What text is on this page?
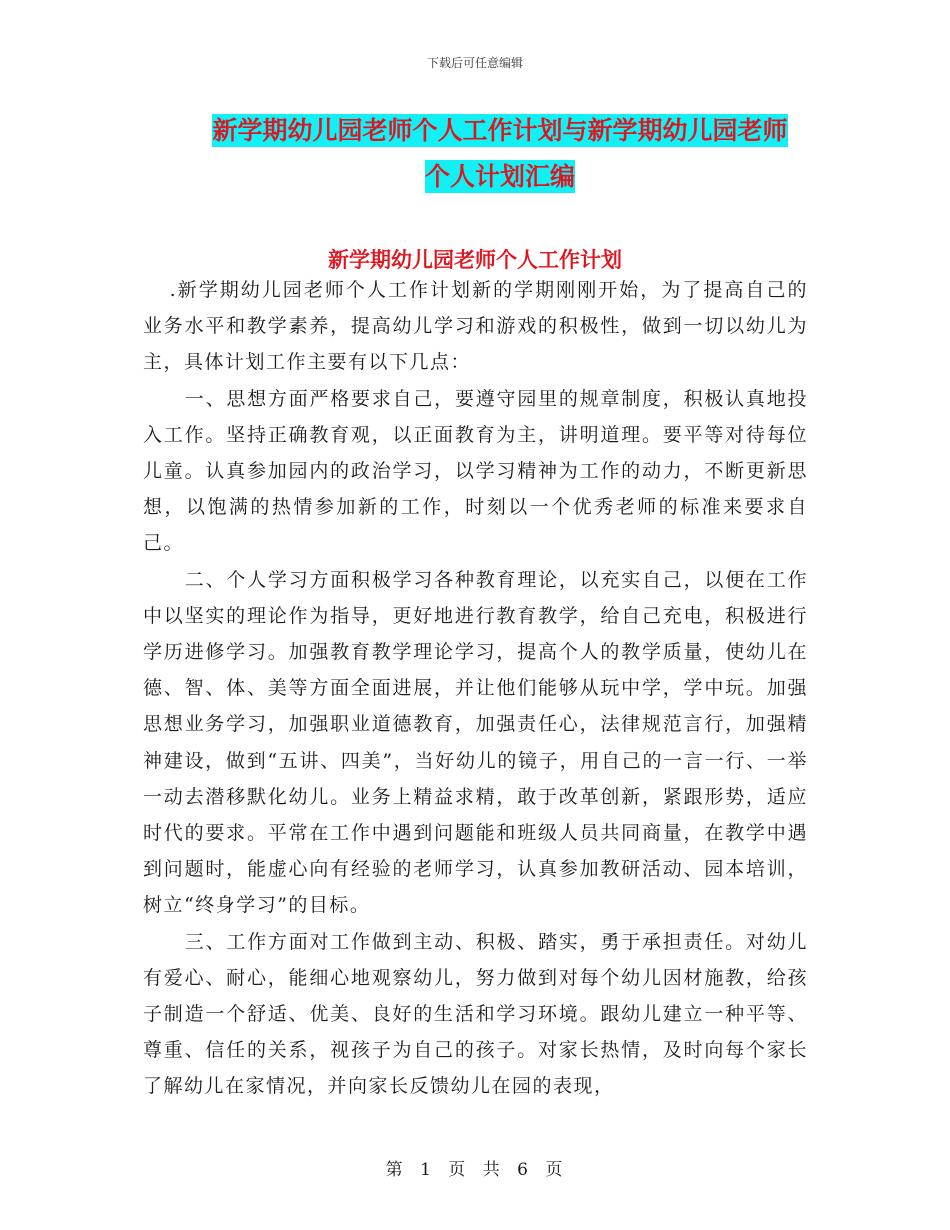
下载后可任意编辑
新学期幼儿园老师个人工作计划与新学期幼儿园老师
个人计划汇编
新学期幼儿园老师个人工作计划

.新学期幼儿园老师个人工作计划新的学期刚刚开始，为了提高自己的业务水平和教学素养，提高幼儿学习和游戏的积极性，做到一切以幼儿为主，具体计划工作主要有以下几点：

一、思想方面严格要求自己，要遵守园里的规章制度，积极认真地投入工作。坚持正确教育观，以正面教育为主，讲明道理。要平等对待每位儿童。认真参加园内的政治学习，以学习精神为工作的动力，不断更新思想，以饱满的热情参加新的工作，时刻以一个优秀老师的标准来要求自己。

二、个人学习方面积极学习各种教育理论，以充实自己，以便在工作中以坚实的理论作为指导，更好地进行教育教学，给自己充电，积极进行学历进修学习。加强教育教学理论学习，提高个人的教学质量，使幼儿在德、智、体、美等方面全面进展，并让他们能够从玩中学，学中玩。加强思想业务学习，加强职业道德教育，加强责任心，法律规范言行，加强精神建设，做到“五讲、四美”，当好幼儿的镜子，用自己的一言一行、一举一动去潜移默化幼儿。业务上精益求精，敢于改革创新，紧跟形势，适应时代的要求。平常在工作中遇到问题能和班级人员共同商量，在教学中遇到问题时，能虚心向有经验的老师学习，认真参加教研活动、园本培训，树立“终身学习”的目标。

三、工作方面对工作做到主动、积极、踏实，勇于承担责任。对幼儿有爱心、耐心，能细心地观察幼儿，努力做到对每个幼儿因材施教，给孩子制造一个舒适、优美、良好的生活和学习环境。跟幼儿建立一种平等、尊重、信任的关系，视孩子为自己的孩子。对家长热情，及时向每个家长了解幼儿在家情况，并向家长反馈幼儿在园的表现，

第 1 页 共 6 页
